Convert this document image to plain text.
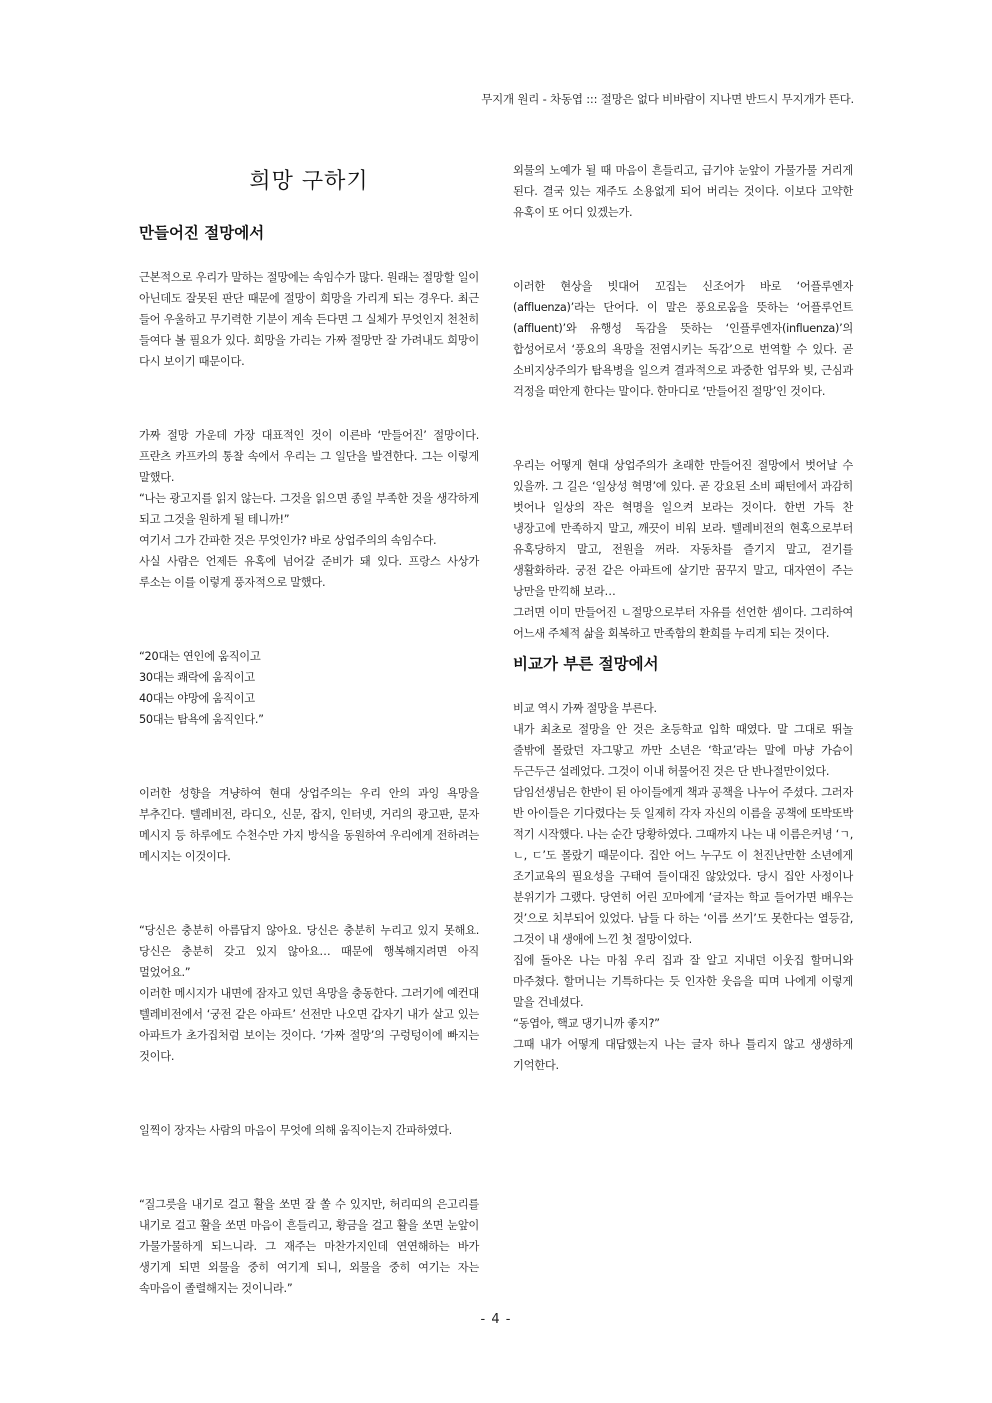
무지개 원리 - 차동엽 ::: 절망은 없다 비바람이 지나면 반드시 무지개가 뜬다.
희망 구하기
만들어진 절망에서

근본적으로 우리가 말하는 절망에는 속임수가 많다. 원래는 절망할 일이 아닌데도 잘못된 판단 때문에 절망이 희망을 가리게 되는 경우다. 최근 들어 우울하고 무기력한 기분이 계속 든다면 그 실체가 무엇인지 천천히 들여다 볼 필요가 있다. 희망을 가리는 가짜 절망만 잘 가려내도 희망이 다시 보이기 때문이다.

가짜 절망 가운데 가장 대표적인 것이 이른바 ‘만들어진’ 절망이다. 프란츠 카프카의 통찰 속에서 우리는 그 일단을 발견한다. 그는 이렇게 말했다.

“나는 광고지를 읽지 않는다. 그것을 읽으면 종일 부족한 것을 생각하게 되고 그것을 원하게 될 테니까!”

여기서 그가 간파한 것은 무엇인가? 바로 상업주의의 속임수다.

사실 사람은 언제든 유혹에 넘어갈 준비가 돼 있다. 프랑스 사상가 루소는 이를 이렇게 풍자적으로 말했다.

“20대는 연인에 움직이고

30대는 쾌락에 움직이고

40대는 야망에 움직이고

50대는 탐욕에 움직인다.”

이러한 성향을 겨냥하여 현대 상업주의는 우리 안의 과잉 욕망을 부추긴다. 텔레비전, 라디오, 신문, 잡지, 인터넷, 거리의 광고판, 문자 메시지 등 하루에도 수천수만 가지 방식을 동원하여 우리에게 전하려는 메시지는 이것이다.

“당신은 충분히 아름답지 않아요. 당신은 충분히 누리고 있지 못해요. 당신은 충분히 갖고 있지 않아요… 때문에 행복해지려면 아직 멀었어요.”

이러한 메시지가 내면에 잠자고 있던 욕망을 충동한다. 그러기에 예컨대 텔레비전에서 ‘궁전 같은 아파트’ 선전만 나오면 갑자기 내가 살고 있는 아파트가 초가집처럼 보이는 것이다. ‘가짜 절망’의 구렁텅이에 빠지는 것이다.

일찍이 장자는 사람의 마음이 무엇에 의해 움직이는지 간파하였다.

“질그릇을 내기로 걸고 활을 쏘면 잘 쏠 수 있지만, 허리띠의 은고리를 내기로 걸고 활을 쏘면 마음이 흔들리고, 황금을 걸고 활을 쏘면 눈앞이 가물가물하게 되느니라. 그 재주는 마찬가지인데 연연해하는 바가 생기게 되면 외물을 중히 여기게 되니, 외물을 중히 여기는 자는 속마음이 졸렬해지는 것이니라.”

외물의 노예가 될 때 마음이 흔들리고, 급기야 눈앞이 가물가물 거리게 된다. 결국 있는 재주도 소용없게 되어 버리는 것이다. 이보다 고약한 유혹이 또 어디 있겠는가.

이러한 현상을 빗대어 꼬집는 신조어가 바로 ‘어플루엔자(affluenza)’라는 단어다. 이 말은 풍요로움을 뜻하는 ‘어플루언트(affluent)’와 유행성 독감을 뜻하는 ‘인플루엔자(influenza)’의 합성어로서 ‘풍요의 욕망을 전염시키는 독감’으로 번역할 수 있다. 곧 소비지상주의가 탐욕병을 일으켜 결과적으로 과중한 업무와 빚, 근심과 걱정을 떠안게 한다는 말이다. 한마디로 ‘만들어진 절망’인 것이다.

우리는 어떻게 현대 상업주의가 초래한 만들어진 절망에서 벗어날 수 있을까. 그 길은 ‘일상성 혁명’에 있다. 곧 강요된 소비 패턴에서 과감히 벗어나 일상의 작은 혁명을 일으켜 보라는 것이다. 한번 가득 찬 냉장고에 만족하지 말고, 깨끗이 비워 보라. 텔레비전의 현혹으로부터 유혹당하지 말고, 전원을 꺼라. 자동차를 즐기지 말고, 걷기를 생활화하라. 궁전 같은 아파트에 살기만 꿈꾸지 말고, 대자연이 주는 낭만을 만끽해 보라…

그러면 이미 만들어진 ㄴ절망으로부터 자유를 선언한 셈이다. 그리하여 어느새 주체적 삶을 회복하고 만족함의 환희를 누리게 되는 것이다.

비교가 부른 절망에서

비교 역시 가짜 절망을 부른다.

내가 최초로 절망을 안 것은 초등학교 입학 때였다. 말 그대로 뛰놀 줄밖에 몰랐던 자그맣고 까만 소년은 ‘학교’라는 말에 마냥 가슴이 두근두근 설레었다. 그것이 이내 허물어진 것은 단 반나절만이었다.

담임선생님은 한반이 된 아이들에게 책과 공책을 나누어 주셨다. 그러자 반 아이들은 기다렸다는 듯 일제히 각자 자신의 이름을 공책에 또박또박 적기 시작했다. 나는 순간 당황하였다. 그때까지 나는 내 이름은커녕 ‘ㄱ, ㄴ, ㄷ’도 몰랐기 때문이다. 집안 어느 누구도 이 천진난만한 소년에게 조기교육의 필요성을 구태여 들이대진 않았었다. 당시 집안 사정이나 분위기가 그랬다. 당연히 어린 꼬마에게 ‘글자는 학교 들어가면 배우는 것’으로 치부되어 있었다. 남들 다 하는 ‘이름 쓰기’도 못한다는 열등감, 그것이 내 생애에 느낀 첫 절망이었다.

집에 돌아온 나는 마침 우리 집과 잘 알고 지내던 이웃집 할머니와 마주쳤다. 할머니는 기특하다는 듯 인자한 웃음을 띠며 나에게 이렇게 말을 건네셨다.

“동엽아, 핵교 댕기니까 좋지?”

그때 내가 어떻게 대답했는지 나는 글자 하나 틀리지 않고 생생하게 기억한다.

- 4 -
